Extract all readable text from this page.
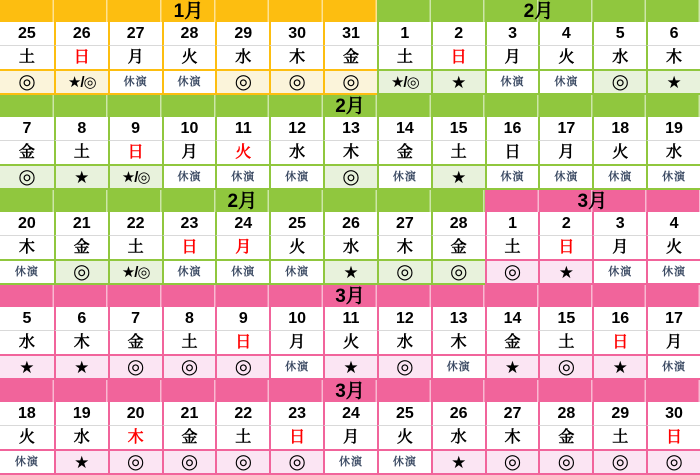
1月	2月
25
土
◎
26
日
★/◎
27
月
休演
28
火
休演
29
水
◎
30
木
◎
31
金
◎
1
土
★/◎
2
日
★
3
月
休演
4
火
休演
5
水
◎
6
木
★
2月
7
金
◎
8
土
★
9
日
★/◎
10
月
休演
11
火
休演
12
水
休演
13
木
◎
14
金
休演
15
土
★
16
日
休演
17
月
休演
18
火
休演
19
水
休演
2月	3月
20
木
休演
21
金
◎
22
土
★/◎
23
日
休演
24
月
休演
25
火
休演
26
水
★
27
木
◎
28
金
◎
1
土
◎
2
日
★
3
月
休演
4
火
休演
3月
5
水
★
6
木
★
7
金
◎
8
土
◎
9
日
◎
10
月
休演
11
火
★
12
水
◎
13
木
休演
14
金
★
15
土
◎
16
日
★
17
月
休演
3月
18
火
休演
19
水
★
20
木
◎
21
金
◎
22
土
◎
23
日
◎
24
月
休演
25
火
休演
26
水
★
27
木
◎
28
金
◎
29
土
◎
30
日
◎
